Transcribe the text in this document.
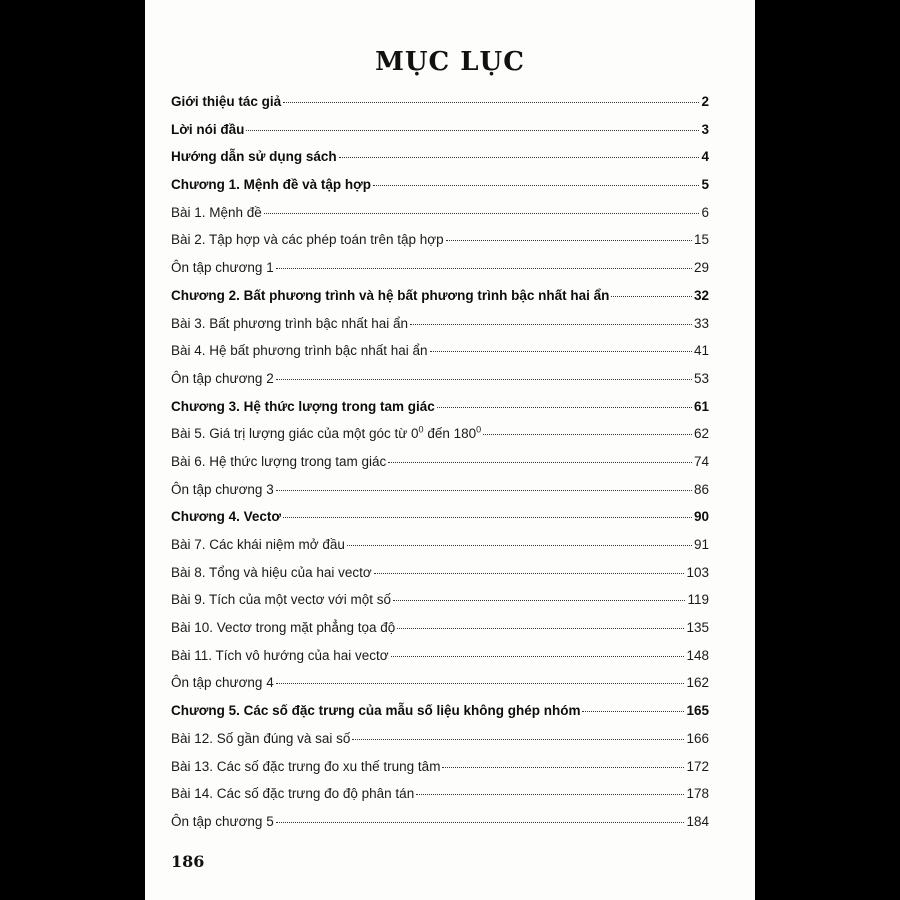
MỤC LỤC
Giới thiệu tác giả	2
Lời nói đầu	3
Hướng dẫn sử dụng sách	4
Chương 1. Mệnh đề và tập hợp	5
Bài 1. Mệnh đề	6
Bài 2. Tập hợp và các phép toán trên tập hợp	15
Ôn tập chương 1	29
Chương 2. Bất phương trình và hệ bất phương trình bậc nhất hai ẩn	32
Bài 3. Bất phương trình bậc nhất hai ẩn	33
Bài 4. Hệ bất phương trình bậc nhất hai ẩn	41
Ôn tập chương 2	53
Chương 3. Hệ thức lượng trong tam giác	61
Bài 5. Giá trị lượng giác của một góc từ $0^0$ đến $180^0$	62
Bài 6. Hệ thức lượng trong tam giác	74
Ôn tập chương 3	86
Chương 4. Vectơ	90
Bài 7. Các khái niệm mở đầu	91
Bài 8. Tổng và hiệu của hai vectơ	103
Bài 9. Tích của một vectơ với một số	119
Bài 10. Vectơ trong mặt phẳng tọa độ	135
Bài 11. Tích vô hướng của hai vectơ	148
Ôn tập chương 4	162
Chương 5. Các số đặc trưng của mẫu số liệu không ghép nhóm	165
Bài 12. Số gần đúng và sai số	166
Bài 13. Các số đặc trưng đo xu thế trung tâm	172
Bài 14. Các số đặc trưng đo độ phân tán	178
Ôn tập chương 5	184

186
